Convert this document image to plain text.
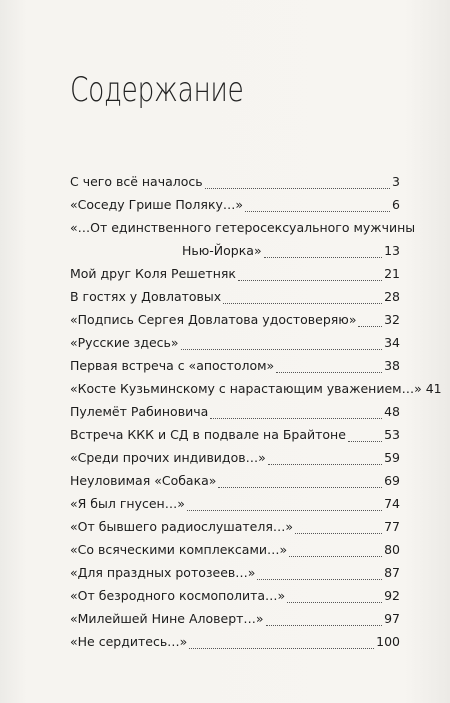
Содержание
С чего всё началось	3
«Соседу Грише Поляку…»	6
«…От единственного гетеросексуального мужчины
Нью-Йорка»	13
Мой друг Коля Решетняк	21
В гостях у Довлатовых	28
«Подпись Сергея Довлатова удостоверяю» 32
«Русские здесь»	34
Первая встреча с «апостолом»	38
«Косте Кузьминскому с нарастающим уважением…» 41
Пулемёт Рабиновича	48
Встреча ККК и СД в подвале на Брайтоне	53
«Среди прочих индивидов…»	59
Неуловимая «Собака»	69
«Я был гнусен…»	74
«От бывшего радиослушателя…»	77
«Со всяческими комплексами…»	80
«Для праздных ротозеев…»	87
«От безродного космополита…»	92
«Милейшей Нине Аловерт…»	97
«Не сердитесь…»	100
